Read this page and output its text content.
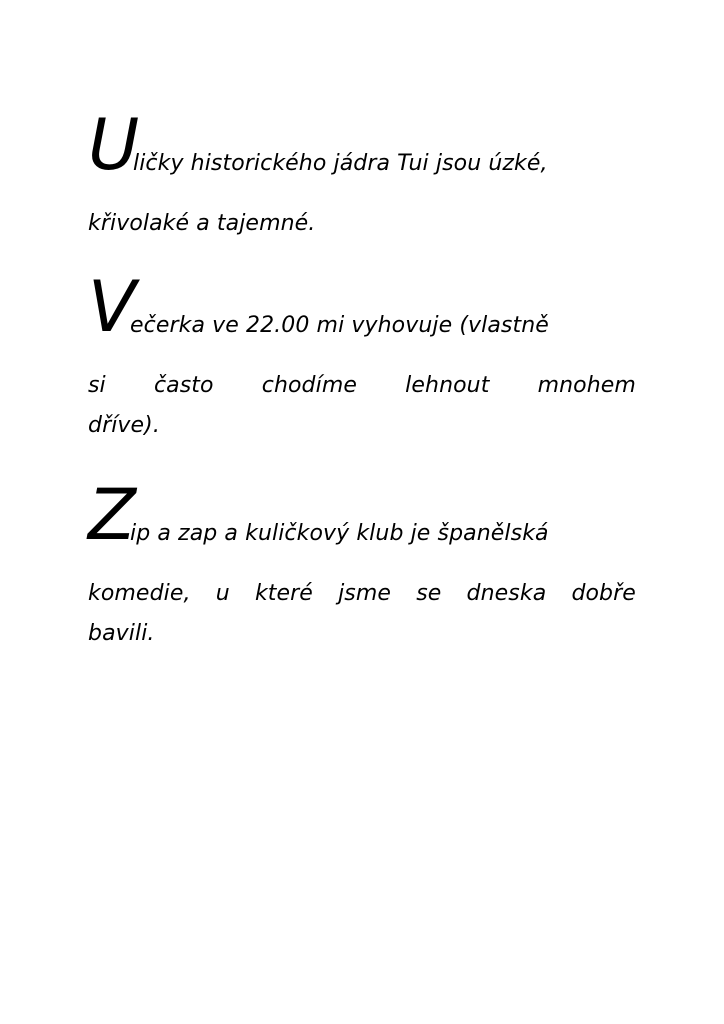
U
ličky historického jádra Tui jsou úzké,
křivolaké a tajemné.
V
ečerka ve 22.00 mi vyhovuje (vlastně
si často chodíme lehnout mnohem
dříve).
Z
ip a zap a kuličkový klub je španělská
komedie, u které jsme se dneska dobře
bavili.
